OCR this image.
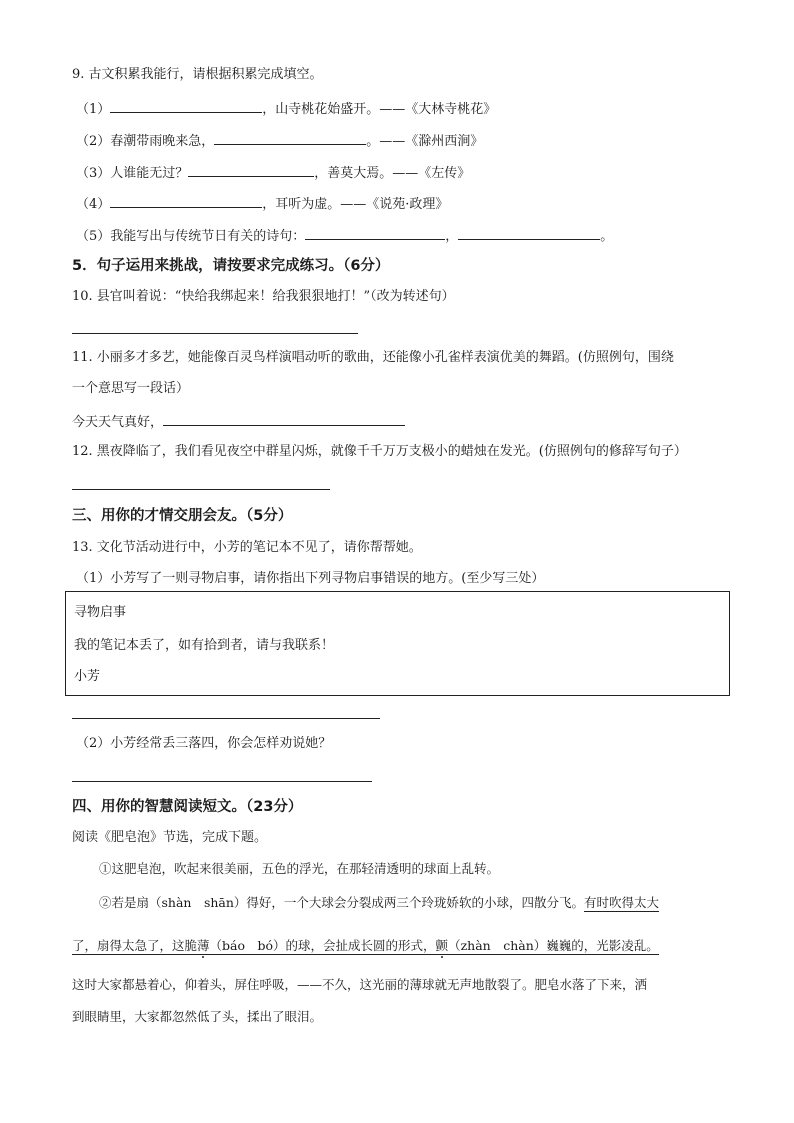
9. 古文积累我能行，请根据积累完成填空。
（1）	，山寺桃花始盛开。——《大林寺桃花》
（2）春潮带雨晚来急，	。——《滁州西涧》
（3）人谁能无过？	，善莫大焉。——《左传》
（4）	，耳听为虚。——《说苑·政理》
（5）我能写出与传统节日有关的诗句：	，	。
5．句子运用来挑战，请按要求完成练习。（6分）
10. 县官叫着说：“快给我绑起来！给我狠狠地打！”（改为转述句）
11. 小丽多才多艺，她能像百灵鸟样演唱动听的歌曲，还能像小孔雀样表演优美的舞蹈。(仿照例句，围绕
一个意思写一段话）
今天天气真好，
12. 黑夜降临了，我们看见夜空中群星闪烁，就像千千万万支极小的蜡烛在发光。(仿照例句的修辞写句子）
三、用你的才情交朋会友。（5分）
13. 文化节活动进行中，小芳的笔记本不见了，请你帮帮她。
（1）小芳写了一则寻物启事，请你指出下列寻物启事错误的地方。(至少写三处）
寻物启事
我的笔记本丢了，如有拾到者，请与我联系！
小芳
（2）小芳经常丢三落四，你会怎样劝说她？
四、用你的智慧阅读短文。（23分）
阅读《肥皂泡》节选，完成下题。
①这肥皂泡，吹起来很美丽，五色的浮光，在那轻清透明的球面上乱转。
②若是扇（shàn　shān）得好，一个大球会分裂成两三个玲珑娇软的小球，四散分飞。有时吹得太大
了，扇得太急了，这脆薄（báo　bó）的球，会扯成长圆的形式，颤（zhàn　chàn）巍巍的，光影凌乱。
这时大家都悬着心，仰着头，屏住呼吸，——不久，这光丽的薄球就无声地散裂了。肥皂水落了下来，洒
到眼睛里，大家都忽然低了头，揉出了眼泪。
